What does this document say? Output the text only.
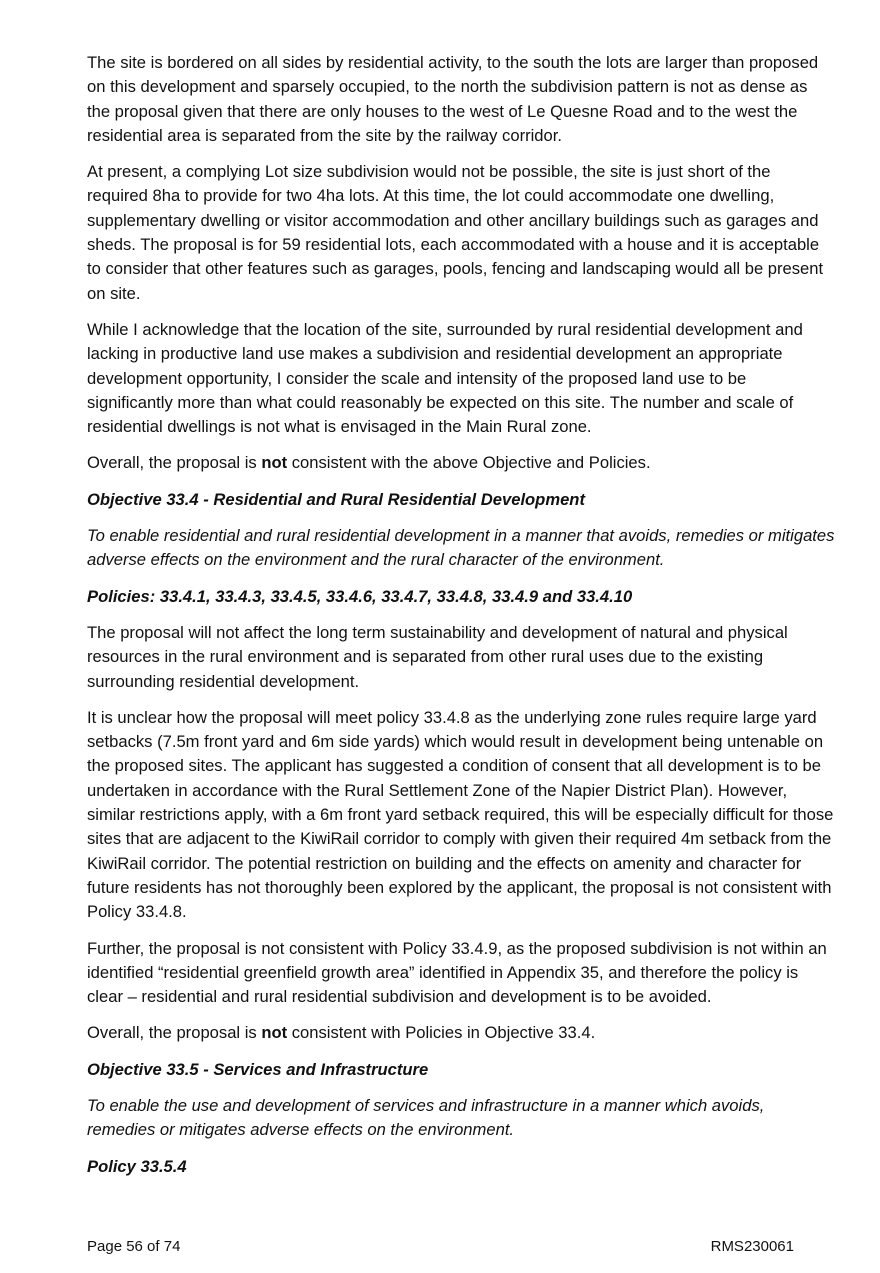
The site is bordered on all sides by residential activity, to the south the lots are larger than proposed on this development and sparsely occupied, to the north the subdivision pattern is not as dense as the proposal given that there are only houses to the west of Le Quesne Road and to the west the residential area is separated from the site by the railway corridor.

At present, a complying Lot size subdivision would not be possible, the site is just short of the required 8ha to provide for two 4ha lots. At this time, the lot could accommodate one dwelling, supplementary dwelling or visitor accommodation and other ancillary buildings such as garages and sheds. The proposal is for 59 residential lots, each accommodated with a house and it is acceptable to consider that other features such as garages, pools, fencing and landscaping would all be present on site.

While I acknowledge that the location of the site, surrounded by rural residential development and lacking in productive land use makes a subdivision and residential development an appropriate development opportunity, I consider the scale and intensity of the proposed land use to be significantly more than what could reasonably be expected on this site. The number and scale of residential dwellings is not what is envisaged in the Main Rural zone.

Overall, the proposal is not consistent with the above Objective and Policies.

Objective 33.4 - Residential and Rural Residential Development

To enable residential and rural residential development in a manner that avoids, remedies or mitigates adverse effects on the environment and the rural character of the environment.

Policies: 33.4.1, 33.4.3, 33.4.5, 33.4.6, 33.4.7, 33.4.8, 33.4.9 and 33.4.10

The proposal will not affect the long term sustainability and development of natural and physical resources in the rural environment and is separated from other rural uses due to the existing surrounding residential development.

It is unclear how the proposal will meet policy 33.4.8 as the underlying zone rules require large yard setbacks (7.5m front yard and 6m side yards) which would result in development being untenable on the proposed sites. The applicant has suggested a condition of consent that all development is to be undertaken in accordance with the Rural Settlement Zone of the Napier District Plan). However, similar restrictions apply, with a 6m front yard setback required, this will be especially difficult for those sites that are adjacent to the KiwiRail corridor to comply with given their required 4m setback from the KiwiRail corridor. The potential restriction on building and the effects on amenity and character for future residents has not thoroughly been explored by the applicant, the proposal is not consistent with Policy 33.4.8.

Further, the proposal is not consistent with Policy 33.4.9, as the proposed subdivision is not within an identified “residential greenfield growth area” identified in Appendix 35, and therefore the policy is clear – residential and rural residential subdivision and development is to be avoided.

Overall, the proposal is not consistent with Policies in Objective 33.4.

Objective 33.5 - Services and Infrastructure

To enable the use and development of services and infrastructure in a manner which avoids, remedies or mitigates adverse effects on the environment.

Policy 33.5.4

Page 56 of 74	RMS230061
